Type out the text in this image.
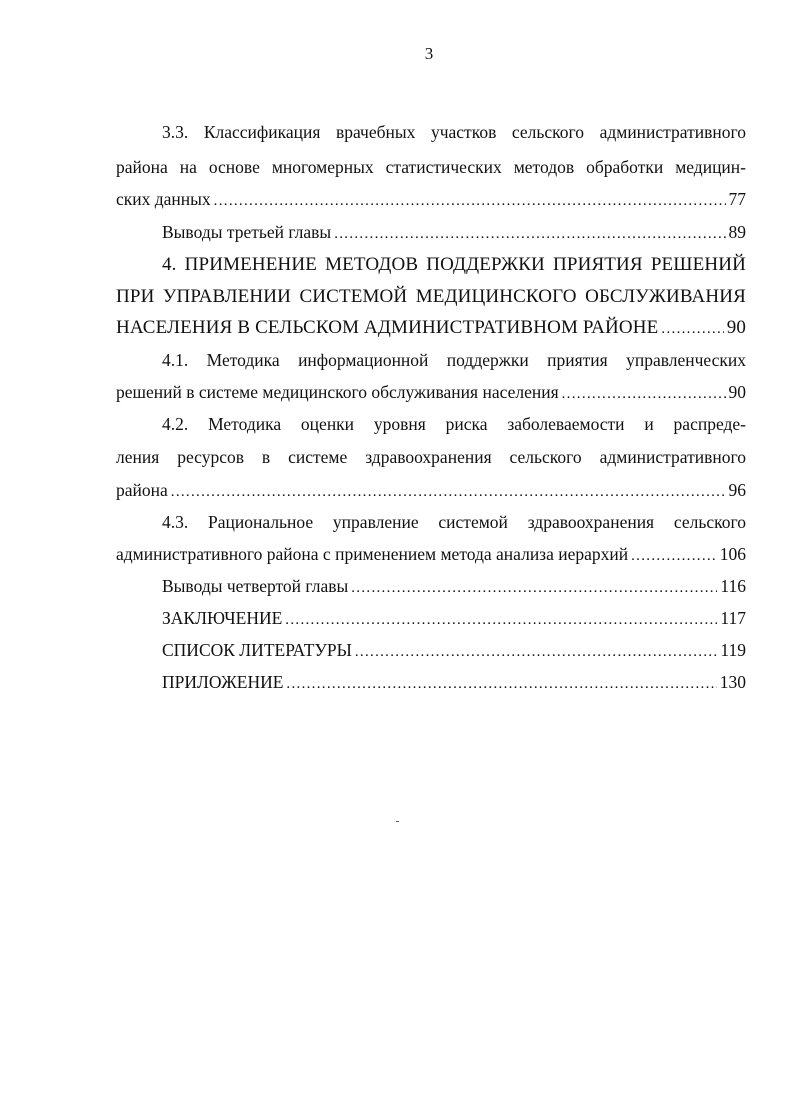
3
3.3. Классификация врачебных участков сельского административного
района на основе многомерных статистических методов обработки медицин-
ских данных .....	77
Выводы третьей главы .....	89
4. ПРИМЕНЕНИЕ МЕТОДОВ ПОДДЕРЖКИ ПРИЯТИЯ РЕШЕНИЙ
ПРИ УПРАВЛЕНИИ СИСТЕМОЙ МЕДИЦИНСКОГО ОБСЛУЖИВАНИЯ
НАСЕЛЕНИЯ В СЕЛЬСКОМ АДМИНИСТРАТИВНОМ РАЙОНЕ .....	90
4.1. Методика информационной поддержки приятия управленческих
решений в системе медицинского обслуживания населения .....	90
4.2. Методика оценки уровня риска заболеваемости и распреде-
ления ресурсов в системе здравоохранения сельского административного
района .....	96
4.3. Рациональное управление системой здравоохранения сельского
административного района с применением метода анализа иерархий .....	106
Выводы четвертой главы .....	116
ЗАКЛЮЧЕНИЕ .....	117
СПИСОК ЛИТЕРАТУРЫ .....	119
ПРИЛОЖЕНИЕ .....	130
